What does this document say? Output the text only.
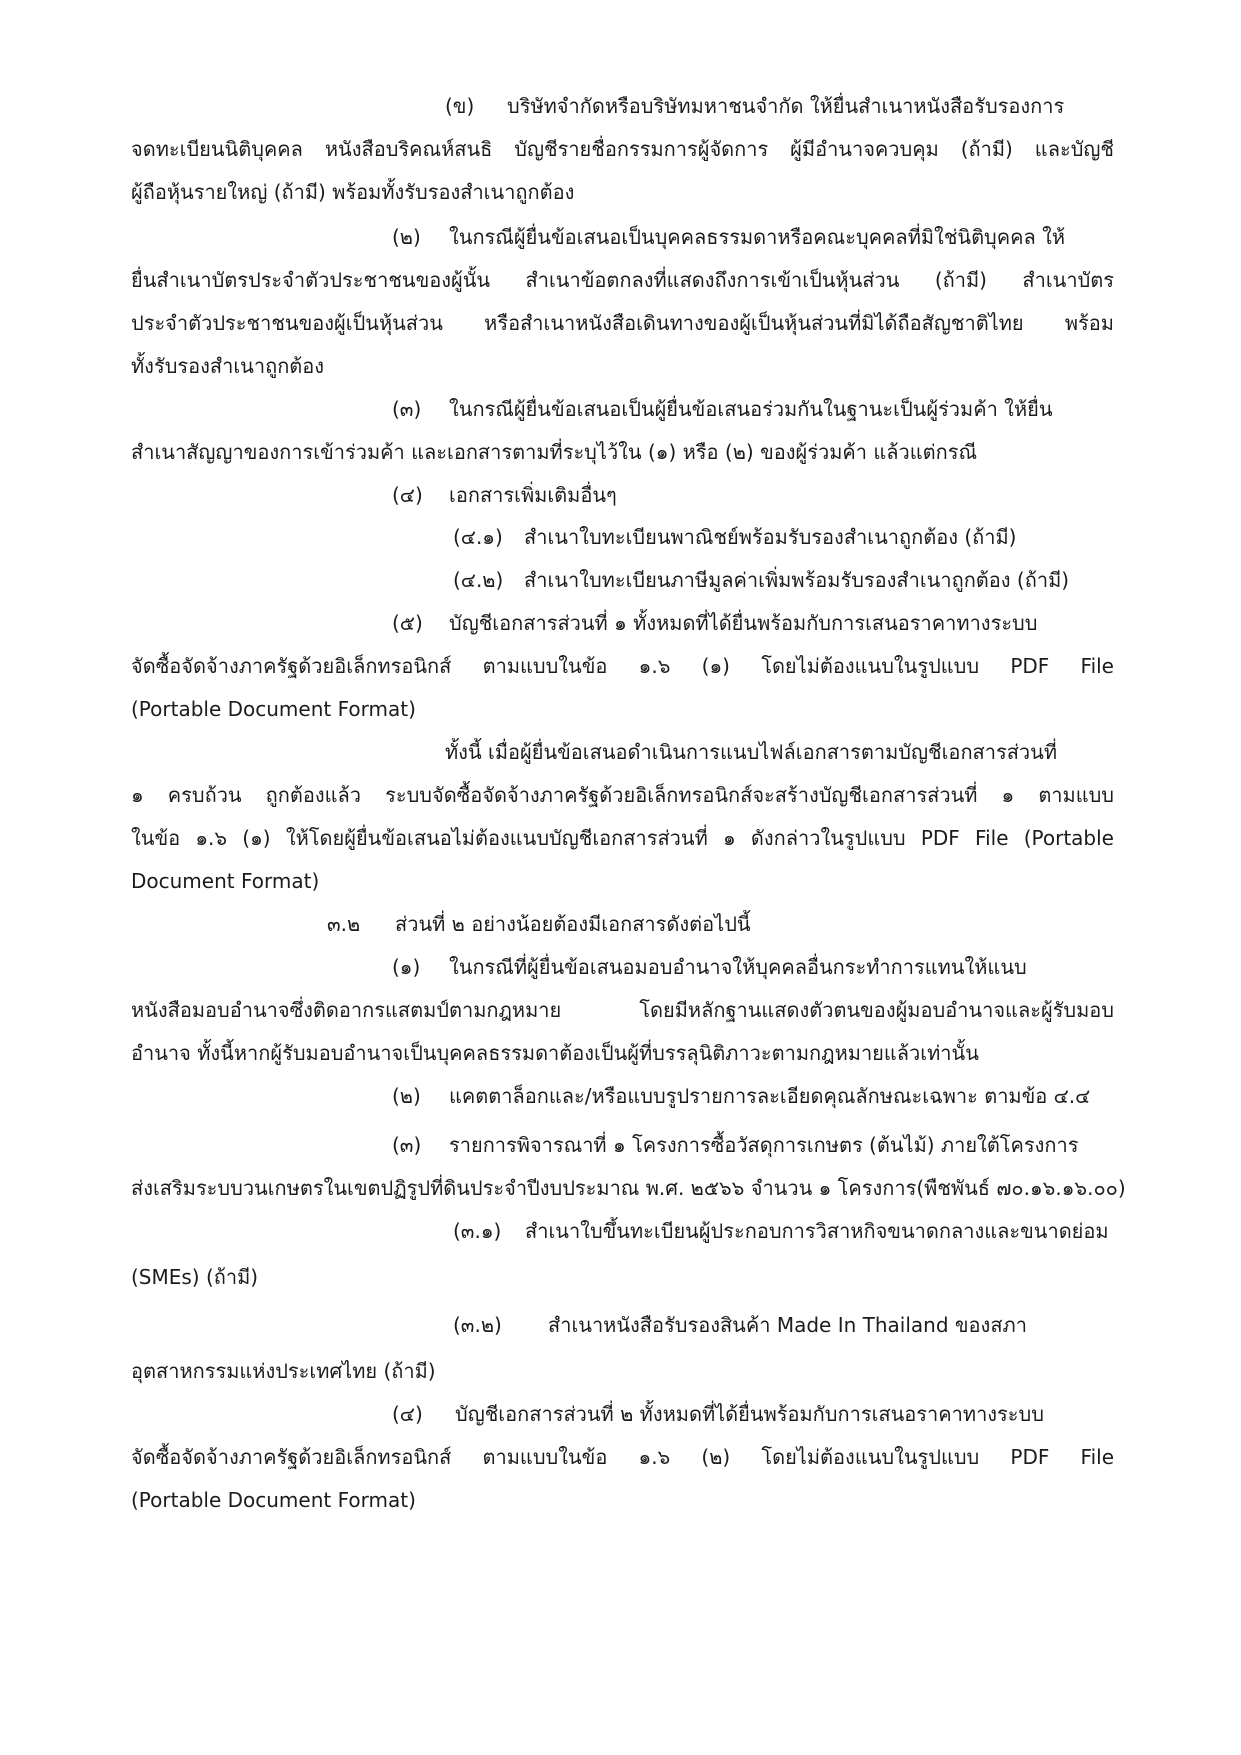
(ข) บริษัทจำกัดหรือบริษัทมหาชนจำกัด ให้ยื่นสำเนาหนังสือรับรองการ
จดทะเบียนนิติบุคคล หนังสือบริคณห์สนธิ บัญชีรายชื่อกรรมการผู้จัดการ ผู้มีอำนาจควบคุม (ถ้ามี) และบัญชี
ผู้ถือหุ้นรายใหญ่ (ถ้ามี) พร้อมทั้งรับรองสำเนาถูกต้อง
(๒) ในกรณีผู้ยื่นข้อเสนอเป็นบุคคลธรรมดาหรือคณะบุคคลที่มิใช่นิติบุคคล ให้
ยื่นสำเนาบัตรประจำตัวประชาชนของผู้นั้น สำเนาข้อตกลงที่แสดงถึงการเข้าเป็นหุ้นส่วน (ถ้ามี) สำเนาบัตร
ประจำตัวประชาชนของผู้เป็นหุ้นส่วน หรือสำเนาหนังสือเดินทางของผู้เป็นหุ้นส่วนที่มิได้ถือสัญชาติไทย พร้อม
ทั้งรับรองสำเนาถูกต้อง
(๓) ในกรณีผู้ยื่นข้อเสนอเป็นผู้ยื่นข้อเสนอร่วมกันในฐานะเป็นผู้ร่วมค้า ให้ยื่น
สำเนาสัญญาของการเข้าร่วมค้า และเอกสารตามที่ระบุไว้ใน (๑) หรือ (๒) ของผู้ร่วมค้า แล้วแต่กรณี
(๔) เอกสารเพิ่มเติมอื่นๆ
(๔.๑) สำเนาใบทะเบียนพาณิชย์พร้อมรับรองสำเนาถูกต้อง (ถ้ามี)
(๔.๒) สำเนาใบทะเบียนภาษีมูลค่าเพิ่มพร้อมรับรองสำเนาถูกต้อง (ถ้ามี)
(๕) บัญชีเอกสารส่วนที่ ๑ ทั้งหมดที่ได้ยื่นพร้อมกับการเสนอราคาทางระบบ
จัดซื้อจัดจ้างภาครัฐด้วยอิเล็กทรอนิกส์ ตามแบบในข้อ ๑.๖ (๑) โดยไม่ต้องแนบในรูปแบบ PDF File
(Portable Document Format)
ทั้งนี้ เมื่อผู้ยื่นข้อเสนอดำเนินการแนบไฟล์เอกสารตามบัญชีเอกสารส่วนที่
๑ ครบถ้วน ถูกต้องแล้ว ระบบจัดซื้อจัดจ้างภาครัฐด้วยอิเล็กทรอนิกส์จะสร้างบัญชีเอกสารส่วนที่ ๑ ตามแบบ
ในข้อ ๑.๖ (๑) ให้โดยผู้ยื่นข้อเสนอไม่ต้องแนบบัญชีเอกสารส่วนที่ ๑ ดังกล่าวในรูปแบบ PDF File (Portable
Document Format)
๓.๒ ส่วนที่ ๒ อย่างน้อยต้องมีเอกสารดังต่อไปนี้
(๑) ในกรณีที่ผู้ยื่นข้อเสนอมอบอำนาจให้บุคคลอื่นกระทำการแทนให้แนบ
หนังสือมอบอำนาจซึ่งติดอากรแสตมป์ตามกฎหมาย โดยมีหลักฐานแสดงตัวตนของผู้มอบอำนาจและผู้รับมอบ
อำนาจ ทั้งนี้หากผู้รับมอบอำนาจเป็นบุคคลธรรมดาต้องเป็นผู้ที่บรรลุนิติภาวะตามกฎหมายแล้วเท่านั้น
(๒) แคตตาล็อกและ/หรือแบบรูปรายการละเอียดคุณลักษณะเฉพาะ ตามข้อ ๔.๔
(๓) รายการพิจารณาที่ ๑ โครงการซื้อวัสดุการเกษตร (ต้นไม้) ภายใต้โครงการ
ส่งเสริมระบบวนเกษตรในเขตปฏิรูปที่ดินประจำปีงบประมาณ พ.ศ. ๒๕๖๖ จำนวน ๑ โครงการ(พืชพันธ์ ๗๐.๑๖.๑๖.๐๐)
(๓.๑) สำเนาใบขึ้นทะเบียนผู้ประกอบการวิสาหกิจขนาดกลางและขนาดย่อม
(SMEs) (ถ้ามี)
(๓.๒) สำเนาหนังสือรับรองสินค้า Made In Thailand ของสภา
อุตสาหกรรมแห่งประเทศไทย (ถ้ามี)
(๔) บัญชีเอกสารส่วนที่ ๒ ทั้งหมดที่ได้ยื่นพร้อมกับการเสนอราคาทางระบบ
จัดซื้อจัดจ้างภาครัฐด้วยอิเล็กทรอนิกส์ ตามแบบในข้อ ๑.๖ (๒) โดยไม่ต้องแนบในรูปแบบ PDF File
(Portable Document Format)
